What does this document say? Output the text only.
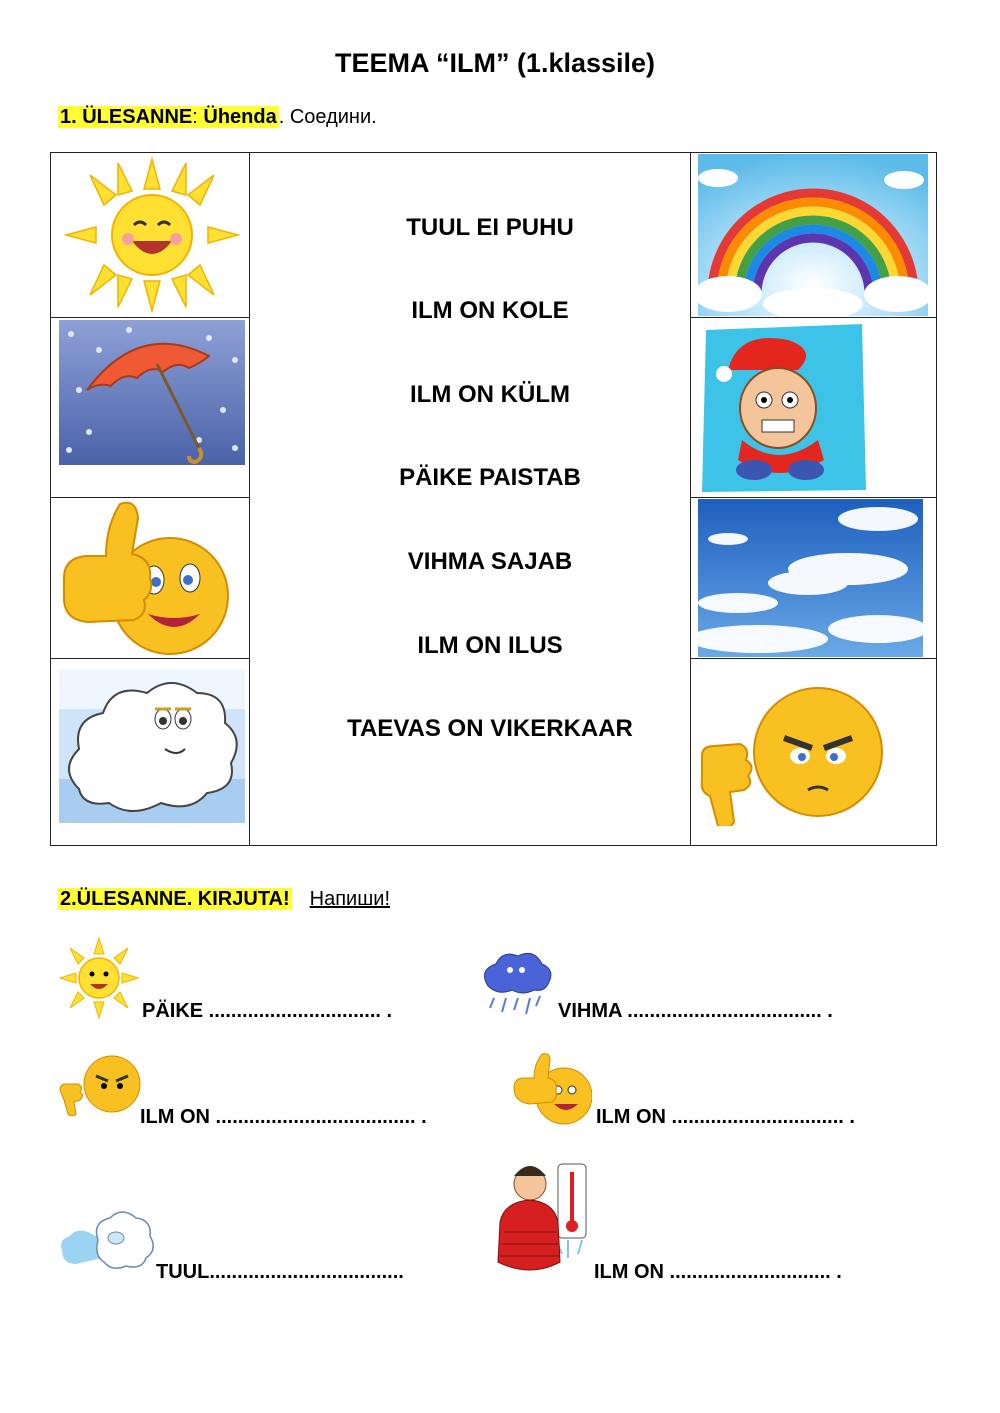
TEEMA “ILM” (1.klassile)
1. ÜLESANNE: Ühenda . Соедини.
TUUL EI PUHU
ILM ON KOLE
ILM ON KÜLM
PÄIKE PAISTAB
VIHMA SAJAB
ILM ON ILUS
TAEVAS ON VIKERKAAR
2.ÜLESANNE. KIRJUTA! Напиши!
PÄIKE ............................... .	VIHMA ................................... .
ILM ON .................................... .	ILM ON ............................... .
TUUL...................................	ILM ON ............................. .
